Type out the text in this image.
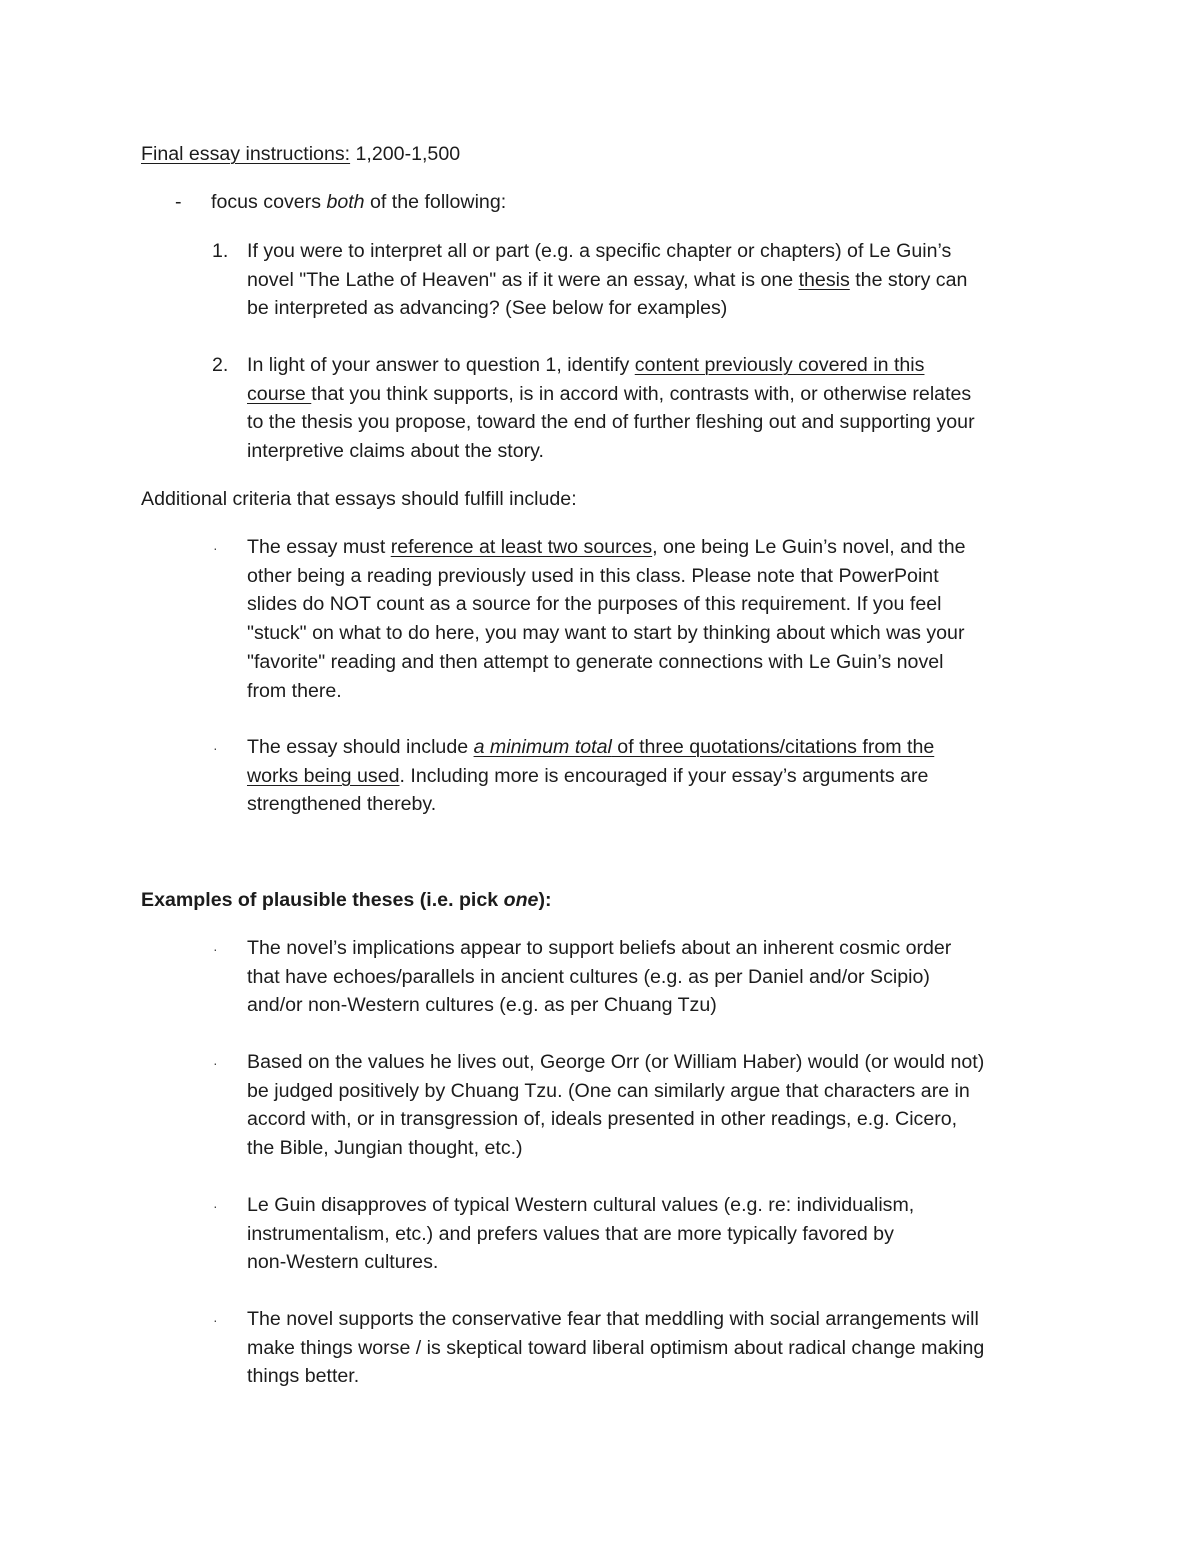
Final essay instructions: 1,200-1,500
- focus covers both of the following:
1. If you were to interpret all or part (e.g. a specific chapter or chapters) of Le Guin’s
novel "The Lathe of Heaven" as if it were an essay, what is one thesis the story can
be interpreted as advancing? (See below for examples)
2. In light of your answer to question 1, identify content previously covered in this
course that you think supports, is in accord with, contrasts with, or otherwise relates
to the thesis you propose, toward the end of further fleshing out and supporting your
interpretive claims about the story.
Additional criteria that essays should fulfill include:
· The essay must reference at least two sources, one being Le Guin’s novel, and the
other being a reading previously used in this class. Please note that PowerPoint
slides do NOT count as a source for the purposes of this requirement. If you feel
"stuck" on what to do here, you may want to start by thinking about which was your
"favorite" reading and then attempt to generate connections with Le Guin’s novel
from there.
· The essay should include a minimum total of three quotations/citations from the
works being used. Including more is encouraged if your essay’s arguments are
strengthened thereby.
Examples of plausible theses (i.e. pick one):
· The novel’s implications appear to support beliefs about an inherent cosmic order
that have echoes/parallels in ancient cultures (e.g. as per Daniel and/or Scipio)
and/or non-Western cultures (e.g. as per Chuang Tzu)
· Based on the values he lives out, George Orr (or William Haber) would (or would not)
be judged positively by Chuang Tzu. (One can similarly argue that characters are in
accord with, or in transgression of, ideals presented in other readings, e.g. Cicero,
the Bible, Jungian thought, etc.)
· Le Guin disapproves of typical Western cultural values (e.g. re: individualism,
instrumentalism, etc.) and prefers values that are more typically favored by
non-Western cultures.
· The novel supports the conservative fear that meddling with social arrangements will
make things worse / is skeptical toward liberal optimism about radical change making
things better.
